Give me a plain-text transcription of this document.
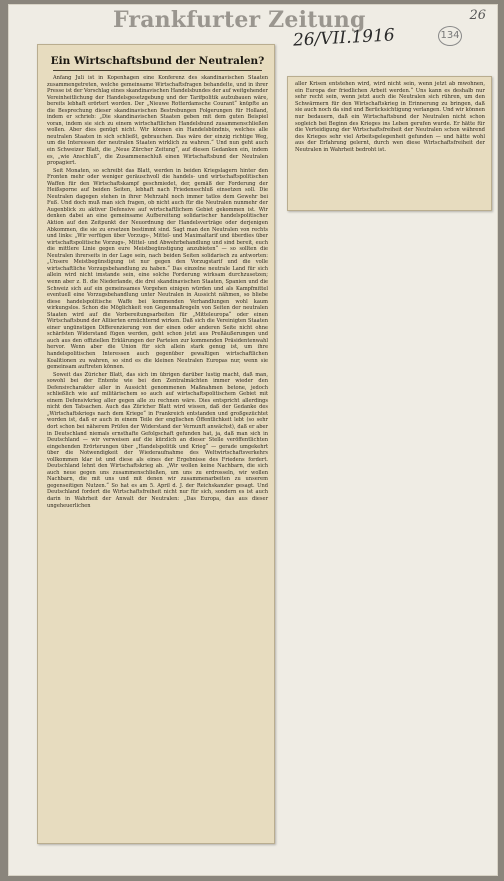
Frankfurter Zeitung
26/VII.1916
26
134
Ein Wirtschaftsbund der Neutralen?

Anfang Juli ist in Kopenhagen eine Konferenz des skandinavischen Staaten zusammengetreten, welche gemeinsame Wirtschaftsfragen behandelte, und in ihrer Presse ist der Vorschlag eines skandinavischen Handelsbundes der auf weitgehender Vereinheitlichung der Handelsgesetzgebung und der Tarifpolitik aufzubauen wäre, bereits lebhaft erörtert worden. Der „Nieuwe Rotterdamsche Courant“ knüpfte an die Besprechung dieser skandinavischen Bestrebungen Folgerungen für Holland, indem er schrieb: „Die skandinavischen Staaten geben mit dem guten Beispiel voran, indem sie sich zu einem wirtschaftlichen Handelsbund zusammenschließen wollen. Aber dies genügt nicht. Wir können ein Handelsbündnis, welches alle neutralen Staaten in sich schließt, gebrauchen. Das wäre der einzig richtige Weg, um die Interessen der neutralen Staaten wirklich zu wahren.“ Und nun geht auch ein Schweizer Blatt, die „Neue Zürcher Zeitung“, auf diesen Gedanken ein, indem es, „wie Anschluß“, die Zusammenschluß einen Wirtschaftsbund der Neutralen propagiert.

Seit Monaten, so schreibt das Blatt, werden in beiden Kriegslagern hinter den Fronten mehr oder weniger geräuschvoll die handels- und wirtschaftspolitischen Waffen für den Wirtschaftskampf geschmiedet, der, gemäß der Forderung der Heißsporne auf beiden Seiten, lebhaft nach Friedensschluß einsetzen soll. Die Neutralen dagegen stehen in ihrer Mehrzahl noch immer tatlos dem Gewehr bei Fuß. Und doch muß man sich fragen, ob nicht auch für die Neutralen nunmehr der Augenblick zu aktiver Defensive auf wirtschaftlichem Gebiet gekommen ist. Wir denken dabei an eine gemeinsame Aufbereitung solidarischer handelspolitischer Aktion auf den Zeitpunkt der Neuordnung der Handelsverträge oder derjenigen Abkommen, die sie zu ersetzen bestimmt sind. Sagt man den Neutralen von rechts und links: „Wir verfügen über Vorzugs-, Mittel- und Maximaltarif und überdies über wirtschaftspolitische Vorzugs-, Mittel- und Abwehrbehandlung und sind bereit, euch die mittlere Linie gegen eure Meistbegünstigung anzubieten“ — so sollten die Neutralen ihrerseits in der Lage sein, nach beiden Seiten solidarisch zu antworten: „Unsere Meistbegünstigung ist nur gegen den Vorzugstarif und die volle wirtschaftliche Vorzugsbehandlung zu haben.“ Das einzelne neutrale Land für sich allein wird nicht imstande sein, eine solche Forderung wirksam durchzusetzen; wenn aber z. B. die Niederlande, die drei skandinavischen Staaten, Spanien und die Schweiz sich auf ein gemeinsames Vorgehen einigen würden und als Kampfmittel eventuell eine Vorzugsbehandlung unter Neutralen in Aussicht nähmen, so bliebe diese handelspolitische Waffe bei kommenden Verhandlungen wohl kaum wirkungslos. Schon die Möglichkeit von Gegenmaßregeln von Seiten der neutralen Staaten wird auf die Vorbereitungsarbeiten für „Mitteleuropa“ oder einen Wirtschaftsbund der Alliierten ernüchternd wirken. Daß sich die Vereinigten Staaten einer ungünstigen Differenzierung von der einen oder anderen Seite nicht ohne schärfsten Widerstand fügen werden, geht schon jetzt aus Preßäußerungen und auch aus den offiziellen Erklärungen der Parteien zur kommenden Präsidentenwahl hervor. Wenn aber die Union für sich allein stark genug ist, um ihre handelspolitischen Interessen auch gegenüber gewaltigen wirtschaftlichen Koalitionen zu wahren, so sind es die kleinen Neutralen Europas nur, wenn sie gemeinsam auftreten können.

Soweit das Züricher Blatt, das sich im übrigen darüber lustig macht, daß man, sowohl bei der Entente wie bei den Zentralmächten immer wieder den Defensivcharakter aller in Aussicht genommenen Maßnahmen betone, jedoch schließlich wie auf militärischem so auch auf wirtschaftspolitischem Gebiet mit einem Defensivkrieg aller gegen alle zu rechnen wäre. Dies entspricht allerdings nicht den Tatsachen. Auch das Züricher Blatt wird wissen, daß der Gedanke des „Wirtschaftskriegs nach dem Kriege“ in Frankreich entstanden und großgezüchtet worden ist, daß er auch in einem Teile der englischen Öffentlichkeit lebt (so sehr dort schon bei näherem Prüfen der Widerstand der Vernunft anwächst), daß er aber in Deutschland niemals ernsthafte Gefolgschaft gefunden hat, ja, daß man sich in Deutschland — wir verweisen auf die kürzlich an dieser Stelle veröffentlichten eingehenden Erörterungen über „Handelspolitik und Krieg“ — gerade umgekehrt über die Notwendigkeit der Wiederaufnahme des Weltwirtschaftsverkehrs vollkommen klar ist und diese als eines der Ergebnisse des Friedens fordert. Deutschland lehnt den Wirtschaftskrieg ab. „Wir wollen keine Nachbarn, die sich auch neue gegen uns zusammenschließen, um uns zu erdrosseln, wir wollen Nachbarn, die mit uns und mit denen wir zusammenarbeiten zu unserem gegenseitigen Nutzen.“ So hat es am 5. April d. J. der Reichskanzler gesagt. Und Deutschland fordert die Wirtschaftsfreiheit nicht nur für sich, sondern es ist auch darin in Wahrheit der Anwalt der Neutralen: „Das Europa, das aus dieser ungeheuerlichen

aller Krisen entstehen wird, wird nicht sein, wenn jetzt ab mwohnen, ein Europa der friedlichen Arbeit werden.“ Uns kann es deshalb nur sehr recht sein, wenn jetzt auch die Neutralen sich rühren, um den Schwärmern für den Wirtschaftskrieg in Erinnerung zu bringen, daß sie auch noch da sind und Berücksichtigung verlangen. Und wir können nur bedauern, daß ein Wirtschaftsbund der Neutralen nicht schon sogleich bei Beginn des Krieges ins Leben gerufen wurde. Er hätte für die Verteidigung der Wirtschaftsfreiheit der Neutralen schon während des Krieges sehr viel Arbeitsgelegenheit gefunden — und hätte wohl aus der Erfahrung gelernt, durch wen diese Wirtschaftsfreiheit der Neutralen in Wahrheit bedroht ist.
